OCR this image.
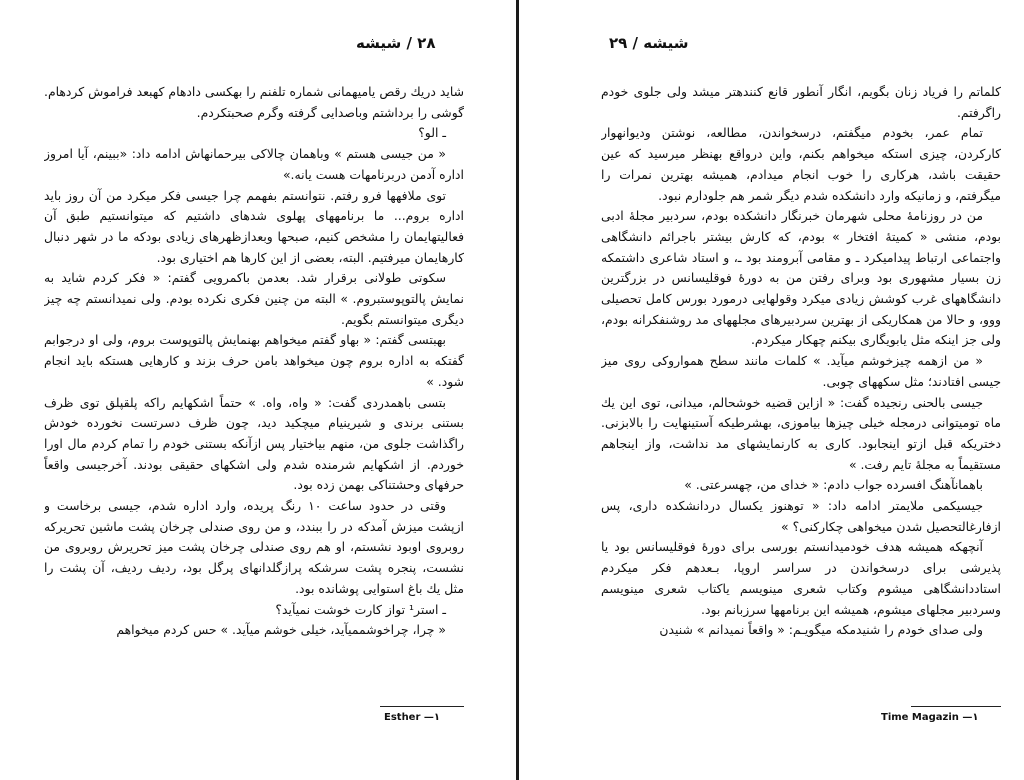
۲۸ / شیشه

شاید دریك رقص یامیهمانی شماره تلفنم را بهکسی دادهام کهبعد فراموش کردهام. گوشی را برداشتم وباصدایی گرفته وگرم صحبتکردم.

ـ الو؟

« من جیسی هستم » وباهمان چالاکی بیرحمانهاش ادامه داد: «ببینم، آیا امروز اداره آدمن دربرنامهات هست یانه.»

توی ملافهها فرو رفتم. نتوانستم بفهمم چرا جیسی فکر میکرد من آن روز باید اداره بروم... ما برنامههای پهلوی شدهای داشتیم که میتوانستیم طبق آن فعالیتهایمان را مشخص کنیم، صبحها وبعدازظهرهای زیادی بودکه ما در شهر دنبال کارهایمان میرفتیم. البته، بعضی از این کارها هم اختیاری بود.

سکوتی طولانی برقرار شد. بعدمن باکمرویی گفتم: « فکر کردم شاید به نمایش پالتوپوستبروم. » البته من چنین فکری نکرده بودم. ولی نمیدانستم چه چیز دیگری میتوانستم بگویم.

بهبتسی گفتم: « بهاو گفتم میخواهم بهنمایش پالتوپوست بروم، ولی او درجوابم گفتکه به اداره بروم چون میخواهد بامن حرف بزند و کارهایی هستکه باید انجام شود. »

بتسی باهمدردی گفت: « واه، واه. » حتماً اشکهایم راکه پلقپلق توی ظرف بستنی برندی و شیرینیام میچکید دید، چون ظرف دسرتست نخورده خودش راگذاشت جلوی من، منهم بیاختیار پس ازآنکه بستنی خودم را تمام کردم مال اورا خوردم. از اشکهایم شرمنده شدم ولی اشکهای حقیقی بودند. آخرجیسی واقعاً حرفهای وحشتناکی بهمن زده بود.

وقتی در حدود ساعت ۱۰ رنگ پریده، وارد اداره شدم، جیسی برخاست و ازپشت میزش آمدکه در را ببندد، و من روی صندلی چرخان پشت ماشین تحریرکه روبروی اوبود نشستم، او هم روی صندلی چرخان پشت میز تحریرش روبروی من نشست، پنجره پشت سرشکه پرازگلدانهای پرگل بود، ردیف ردیف، آن پشت را مثل یك باغ استوایی پوشانده بود.

ـ استر¹ تواز کارت خوشت نمیآید؟

« چرا، چراخوشممیآید، خیلی خوشم میآید. » حس کردم میخواهم

Esther —۱
شیشه / ۲۹

کلماتم را فریاد زنان بگویم، انگار آنطور قانع کنندهتر میشد ولی جلوی خودم راگرفتم.

تمام عمر، بخودم میگفتم، درسخواندن، مطالعه، نوشتن ودیوانهوار کارکردن، چیزی استکه میخواهم بکنم، واین درواقع بهنظر میرسید که عین حقیقت باشد، هرکاری را خوب انجام میدادم، همیشه بهترین نمرات را میگرفتم، و زمانیکه وارد دانشکده شدم دیگر شمر هم جلودارم نبود.

من در روزنامهٔ محلی شهرمان خبرنگار دانشکده بودم، سردبیر مجلهٔ ادبی بودم، منشی « کمیتهٔ افتخار » بودم، که کارش بیشتر باجرائم دانشگاهی واجتماعی ارتباط پیدامیکرد ـ و مقامی آبرومند بود ـ، و استاد شاعری داشتمکه زن بسیار مشهوری بود وبرای رفتن من به دورهٔ فوقلیسانس در بزرگترین دانشگاههای غرب کوشش زیادی میکرد وقولهایی درمورد بورس کامل تحصیلی ووو، و حالا من همکاریکی از بهترین سردبیرهای مجلههای مد روشنفکرانه بودم، ولی جز اینکه مثل یابویگاری بیکنم چهکار میکردم.

« من ازهمه چیزخوشم میآید. » کلمات مانند سطح همواروکی روی میز جیسی افتادند؛ مثل سکههای چوبی.

جیسی بالحنی رنجیده گفت: « ازاین قضیه خوشحالم، میدانی، توی این یك ماه تومیتوانی درمجله خیلی چیزها بیاموزی، بهشرطیکه آستینهایت را بالابزنی. دختریکه قبل ازتو اینجابود. کاری به کارنمایشهای مد نداشت، واز اینجاهم مستقیماً به مجلهٔ تایم رفت. »

باهمانآهنگ افسرده جواب دادم: « خدای من، چهسرعتی. »

جیسیکمی ملایمتر ادامه داد: « توهنوز یکسال دردانشکده داری، پس ازفارغالتحصیل شدن میخواهی چکارکنی؟ »

آنچهکه همیشه هدف خودمیدانستم بورسی برای دورهٔ فوقلیسانس بود یا پذیرشی برای درسخواندن در سراسر اروپا، بـعدهم فکر میکردم استاددانشگاهی میشوم وکتاب شعری مینویسم یاکتاب شعری مینویسم وسردبیر مجلهای میشوم، همیشه این برنامهها سرزبانم بود.

ولی صدای خودم را شنیدمکه میگویـم: « واقعاً نمیدانم » شنیدن

Time Magazin —۱
